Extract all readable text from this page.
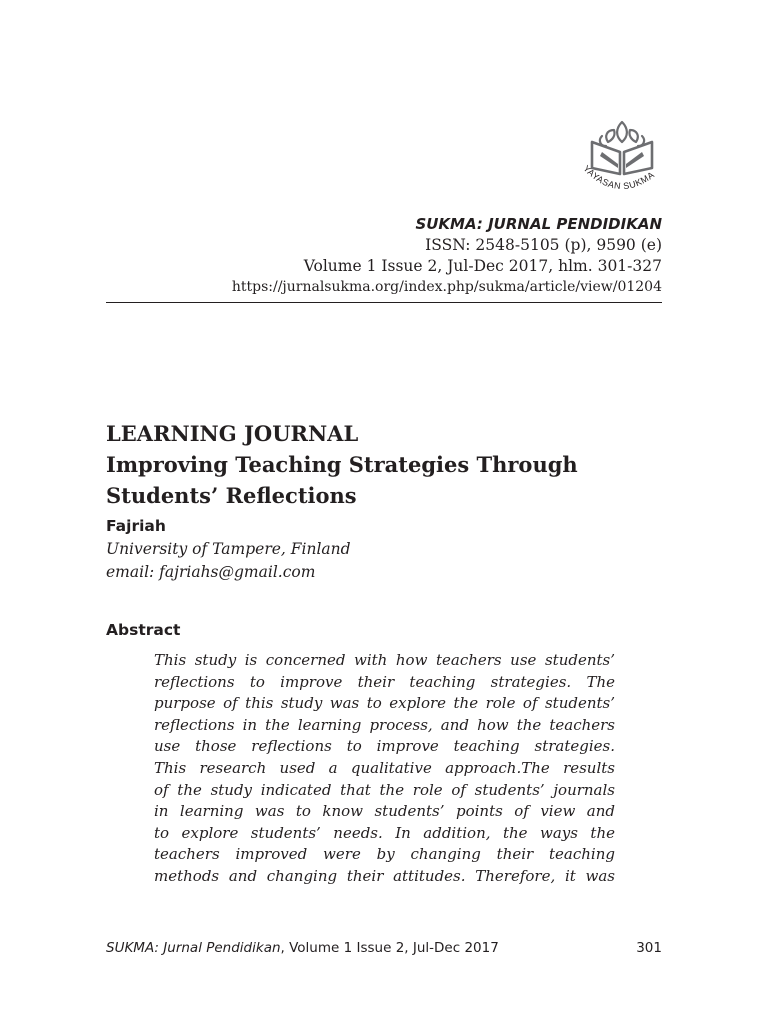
YAYASAN SUKMA
SUKMA: JURNAL PENDIDIKAN
ISSN: 2548-5105 (p), 9590 (e)
Volume 1 Issue 2, Jul-Dec 2017, hlm. 301-327
https://jurnalsukma.org/index.php/sukma/article/view/01204
LEARNING JOURNAL
Improving Teaching Strategies Through
Students’ Reflections
Fajriah
University of Tampere, Finland
email: fajriahs@gmail.com
Abstract
This study is concerned with how teachers use students’
reflections to improve their teaching strategies. The
purpose of this study was to explore the role of students’
reflections in the learning process, and how the teachers
use those reflections to improve teaching strategies.
This research used a qualitative approach.The results
of the study indicated that the role of students’ journals
in learning was to know students’ points of view and
to explore students’ needs. In addition, the ways the
teachers improved were by changing their teaching
methods and changing their attitudes. Therefore, it was
SUKMA: Jurnal Pendidikan, Volume 1 Issue 2, Jul-Dec 2017	301
